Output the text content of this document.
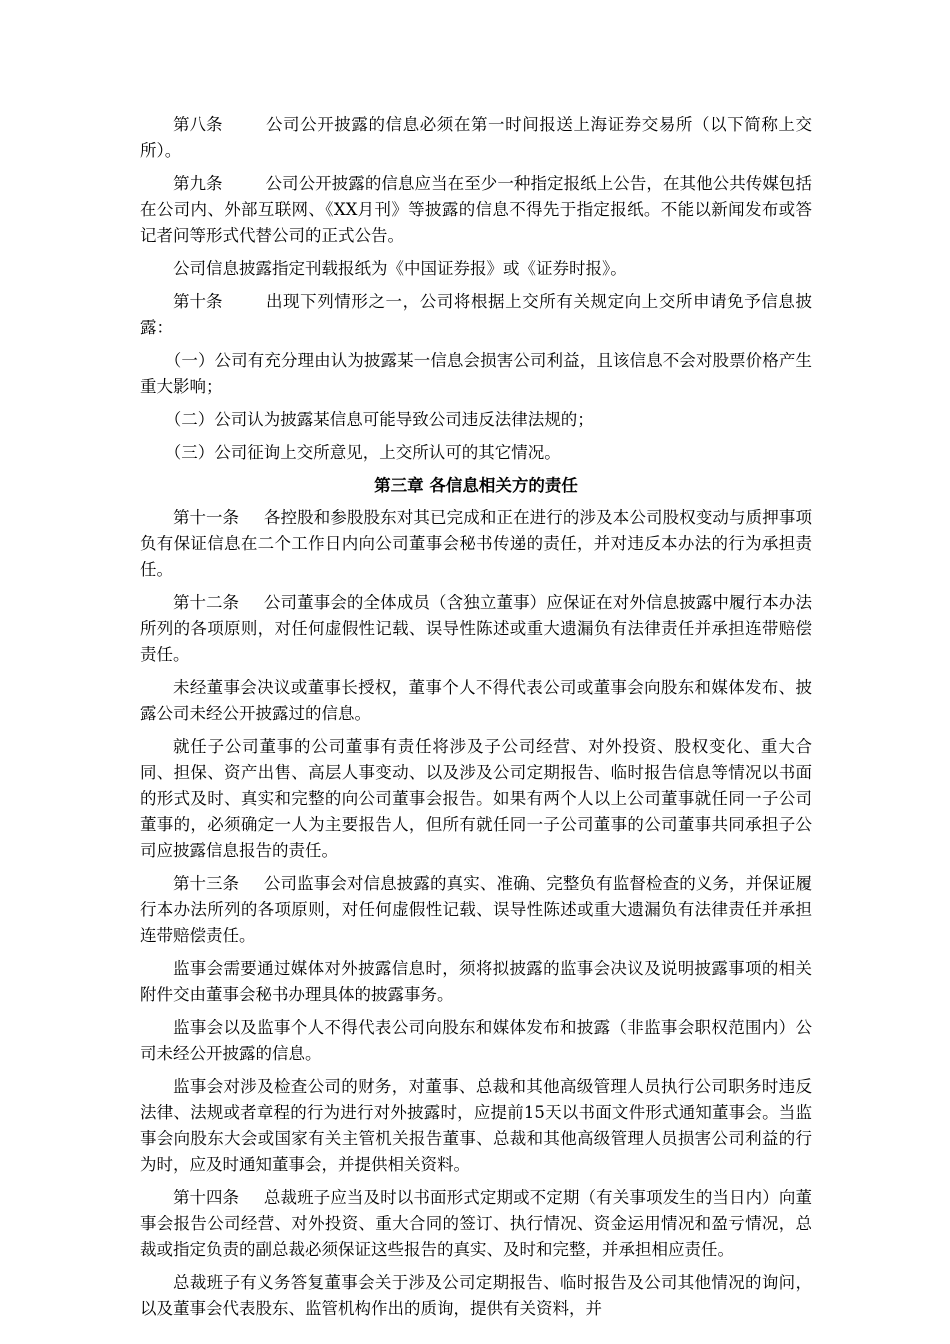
第八条	公司公开披露的信息必须在第一时间报送上海证券交易所（以下简称上交所）。

第九条	公司公开披露的信息应当在至少一种指定报纸上公告，在其他公共传媒包括在公司内、外部互联网、《XX月刊》等披露的信息不得先于指定报纸。不能以新闻发布或答记者问等形式代替公司的正式公告。

公司信息披露指定刊载报纸为《中国证券报》或《证券时报》。

第十条	出现下列情形之一，公司将根据上交所有关规定向上交所申请免予信息披露：

（一）公司有充分理由认为披露某一信息会损害公司利益，且该信息不会对股票价格产生重大影响；

（二）公司认为披露某信息可能导致公司违反法律法规的；

（三）公司征询上交所意见，上交所认可的其它情况。

第三章 各信息相关方的责任

第十一条 各控股和参股股东对其已完成和正在进行的涉及本公司股权变动与质押事项负有保证信息在二个工作日内向公司董事会秘书传递的责任，并对违反本办法的行为承担责任。

第十二条 公司董事会的全体成员（含独立董事）应保证在对外信息披露中履行本办法所列的各项原则，对任何虚假性记载、误导性陈述或重大遗漏负有法律责任并承担连带赔偿责任。

未经董事会决议或董事长授权，董事个人不得代表公司或董事会向股东和媒体发布、披露公司未经公开披露过的信息。

就任子公司董事的公司董事有责任将涉及子公司经营、对外投资、股权变化、重大合同、担保、资产出售、高层人事变动、以及涉及公司定期报告、临时报告信息等情况以书面的形式及时、真实和完整的向公司董事会报告。如果有两个人以上公司董事就任同一子公司董事的，必须确定一人为主要报告人，但所有就任同一子公司董事的公司董事共同承担子公司应披露信息报告的责任。

第十三条 公司监事会对信息披露的真实、准确、完整负有监督检查的义务，并保证履行本办法所列的各项原则，对任何虚假性记载、误导性陈述或重大遗漏负有法律责任并承担连带赔偿责任。

监事会需要通过媒体对外披露信息时，须将拟披露的监事会决议及说明披露事项的相关附件交由董事会秘书办理具体的披露事务。

监事会以及监事个人不得代表公司向股东和媒体发布和披露（非监事会职权范围内）公司未经公开披露的信息。

监事会对涉及检查公司的财务，对董事、总裁和其他高级管理人员执行公司职务时违反法律、法规或者章程的行为进行对外披露时，应提前15天以书面文件形式通知董事会。当监事会向股东大会或国家有关主管机关报告董事、总裁和其他高级管理人员损害公司利益的行为时，应及时通知董事会，并提供相关资料。

第十四条 总裁班子应当及时以书面形式定期或不定期（有关事项发生的当日内）向董事会报告公司经营、对外投资、重大合同的签订、执行情况、资金运用情况和盈亏情况，总裁或指定负责的副总裁必须保证这些报告的真实、及时和完整，并承担相应责任。

总裁班子有义务答复董事会关于涉及公司定期报告、临时报告及公司其他情况的询问，以及董事会代表股东、监管机构作出的质询，提供有关资料，并
